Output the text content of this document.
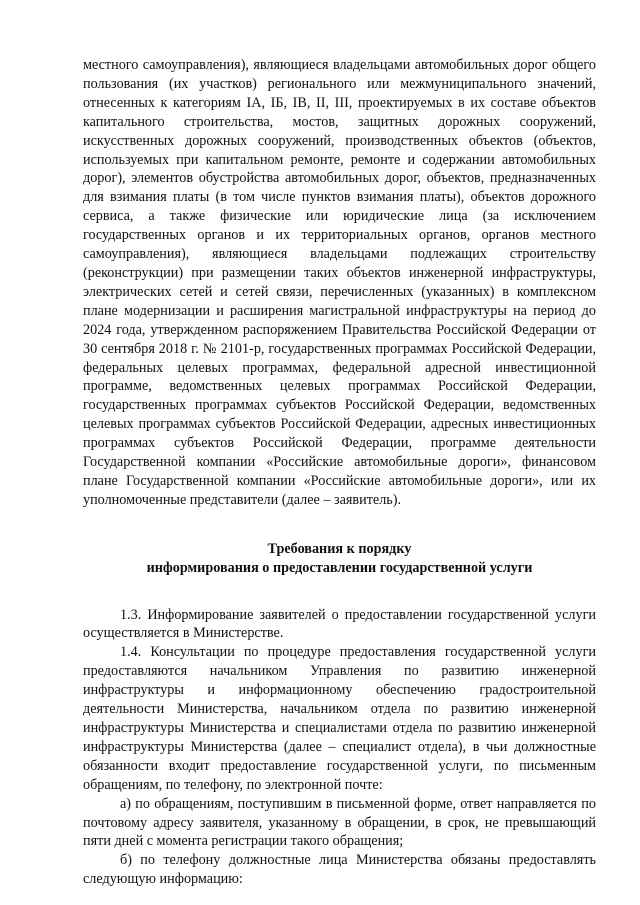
местного самоуправления), являющиеся владельцами автомобильных дорог общего пользования (их участков) регионального или межмуниципального значений, отнесенных к категориям IА, IБ, IВ, II, III, проектируемых в их составе объектов капитального строительства, мостов, защитных дорожных сооружений, искусственных дорожных сооружений, производственных объектов (объектов, используемых при капитальном ремонте, ремонте и содержании автомобильных дорог), элементов обустройства автомобильных дорог, объектов, предназначенных для взимания платы (в том числе пунктов взимания платы), объектов дорожного сервиса, а также физические или юридические лица (за исключением государственных органов и их территориальных органов, органов местного самоуправления), являющиеся владельцами подлежащих строительству (реконструкции) при размещении таких объектов инженерной инфраструктуры, электрических сетей и сетей связи, перечисленных (указанных) в комплексном плане модернизации и расширения магистральной инфраструктуры на период до 2024 года, утвержденном распоряжением Правительства Российской Федерации от 30 сентября 2018 г. № 2101-р, государственных программах Российской Федерации, федеральных целевых программах, федеральной адресной инвестиционной программе, ведомственных целевых программах Российской Федерации, государственных программах субъектов Российской Федерации, ведомственных целевых программах субъектов Российской Федерации, адресных инвестиционных программах субъектов Российской Федерации, программе деятельности Государственной компании «Российские автомобильные дороги», финансовом плане Государственной компании «Российские автомобильные дороги», или их уполномоченные представители (далее – заявитель).

Требования к порядку
информирования о предоставлении государственной услуги

1.3. Информирование заявителей о предоставлении государственной услуги осуществляется в Министерстве.

1.4. Консультации по процедуре предоставления государственной услуги предоставляются начальником Управления по развитию инженерной инфраструктуры и информационному обеспечению градостроительной деятельности Министерства, начальником отдела по развитию инженерной инфраструктуры Министерства и специалистами отдела по развитию инженерной инфраструктуры Министерства (далее – специалист отдела), в чьи должностные обязанности входит предоставление государственной услуги, по письменным обращениям, по телефону, по электронной почте:

а) по обращениям, поступившим в письменной форме, ответ направляется по почтовому адресу заявителя, указанному в обращении, в срок, не превышающий пяти дней с момента регистрации такого обращения;

б) по телефону должностные лица Министерства обязаны предоставлять следующую информацию:
